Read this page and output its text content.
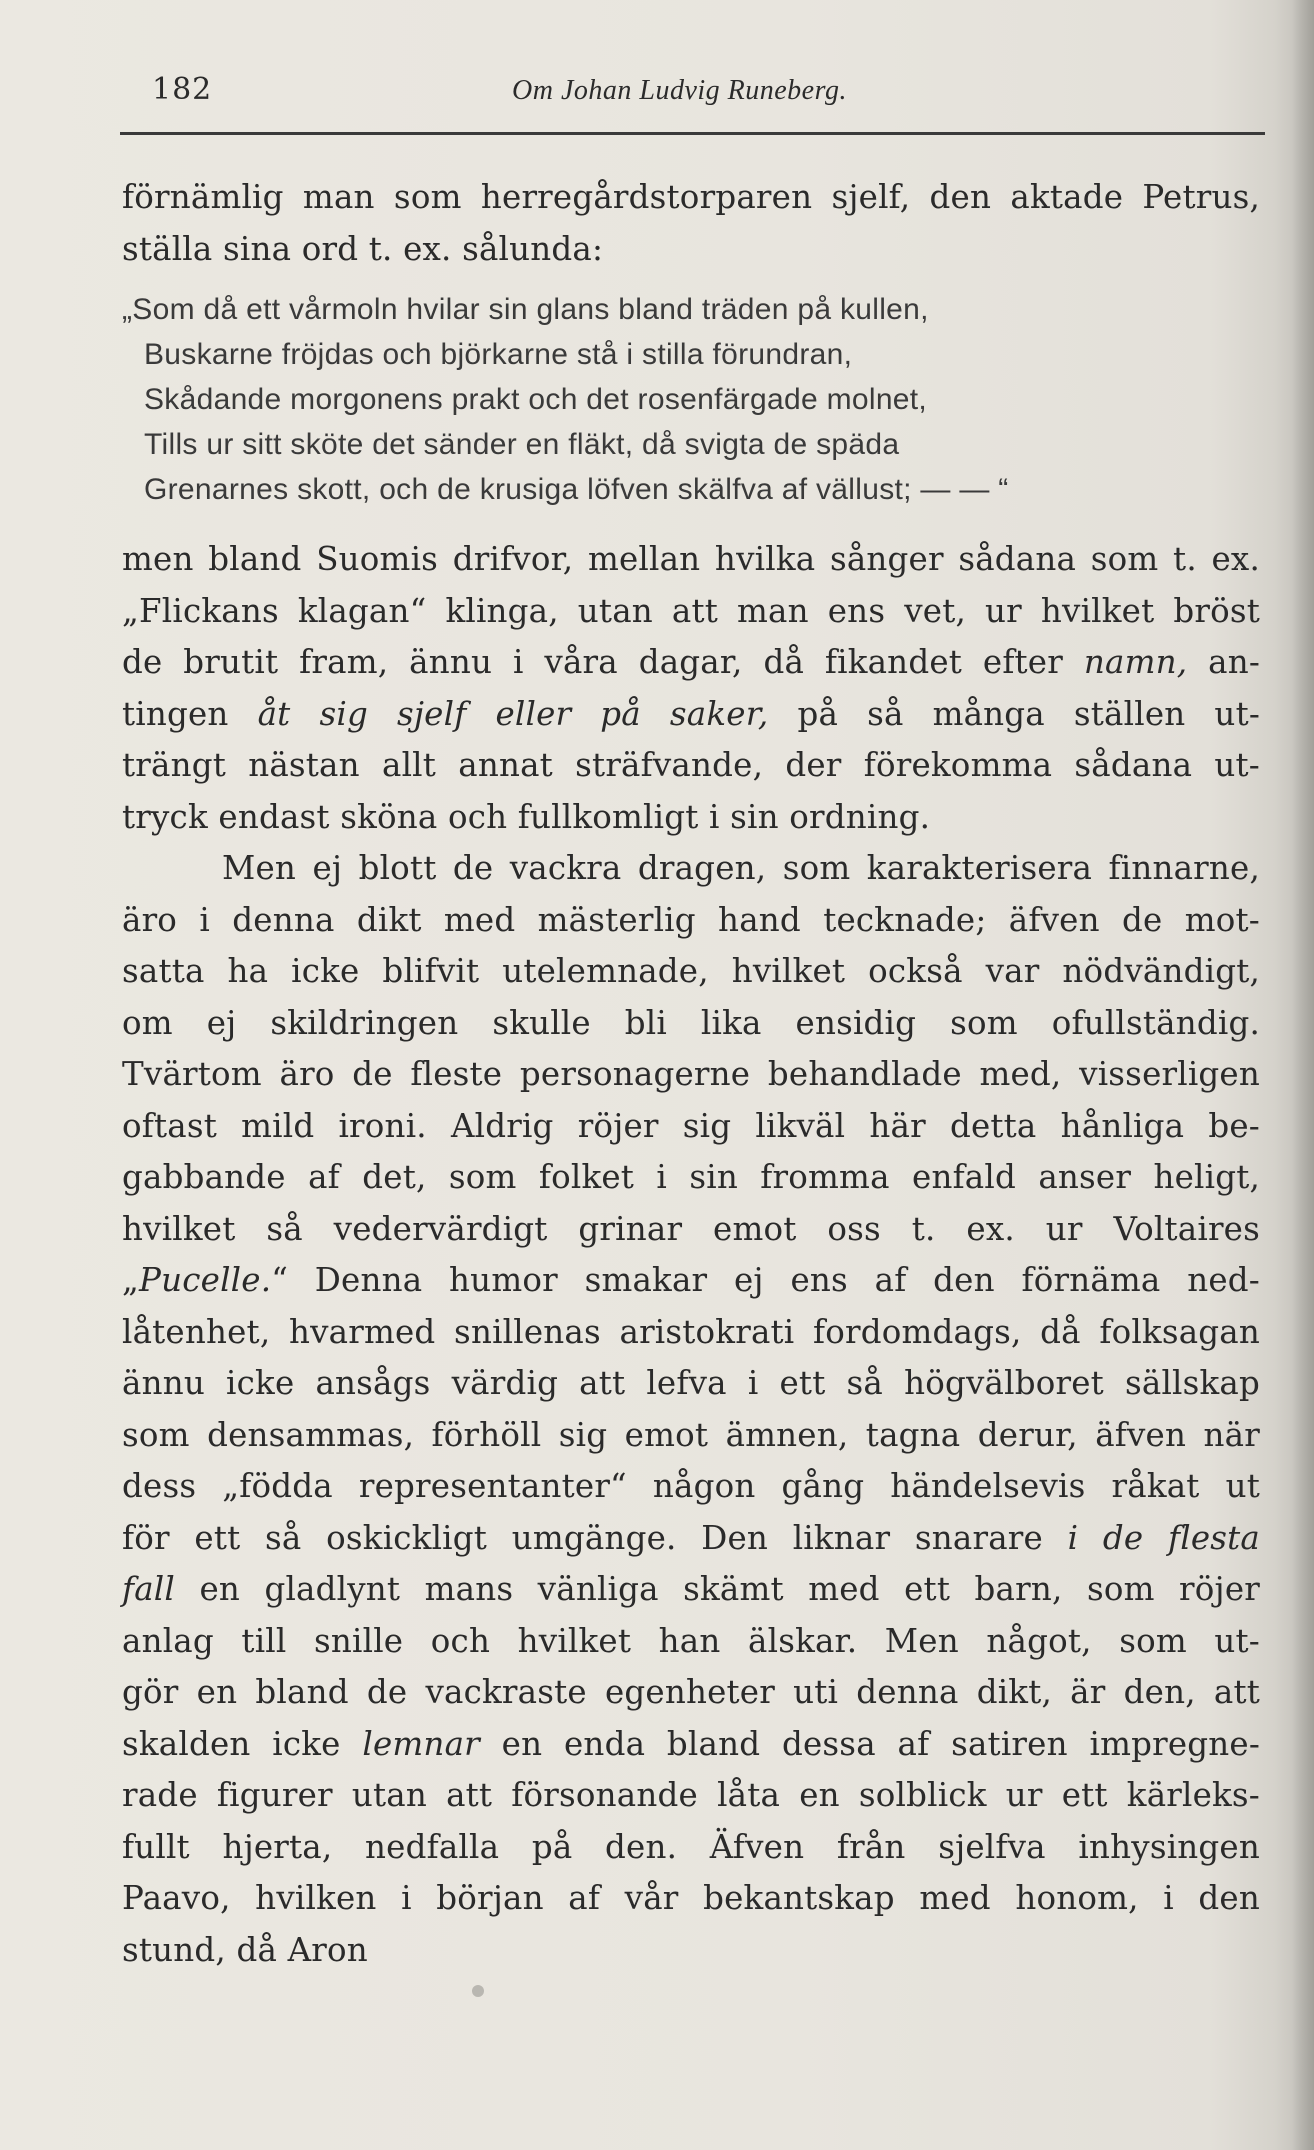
182	Om Johan Ludvig Runeberg.
förnämlig man som herregårdstorparen sjelf, den aktade Petrus,
ställa sina ord t. ex. sålunda:
„Som då ett vårmoln hvilar sin glans bland träden på kullen,
Buskarne fröjdas och björkarne stå i stilla förundran,
Skådande morgonens prakt och det rosenfärgade molnet,
Tills ur sitt sköte det sänder en fläkt, då svigta de späda
Grenarnes skott, och de krusiga löfven skälfva af vällust; — — “
men bland Suomis drifvor, mellan hvilka sånger sådana som t. ex.
„Flickans klagan“ klinga, utan att man ens vet, ur hvilket bröst
de brutit fram, ännu i våra dagar, då fikandet efter namn, an-
tingen åt sig sjelf eller på saker, på så många ställen ut-
trängt nästan allt annat sträfvande, der förekomma sådana ut-
tryck endast sköna och fullkomligt i sin ordning.
Men ej blott de vackra dragen, som karakterisera finnarne,
äro i denna dikt med mästerlig hand tecknade; äfven de mot-
satta ha icke blifvit utelemnade, hvilket också var nödvändigt,
om ej skildringen skulle bli lika ensidig som ofullständig.
Tvärtom äro de fleste personagerne behandlade med, visserligen
oftast mild ironi. Aldrig röjer sig likväl här detta hånliga be-
gabbande af det, som folket i sin fromma enfald anser heligt,
hvilket så vedervärdigt grinar emot oss t. ex. ur Voltaires
„Pucelle.“ Denna humor smakar ej ens af den förnäma ned-
låtenhet, hvarmed snillenas aristokrati fordomdags, då folksagan
ännu icke ansågs värdig att lefva i ett så högvälboret sällskap
som densammas, förhöll sig emot ämnen, tagna derur, äfven när
dess „födda representanter“ någon gång händelsevis råkat ut
för ett så oskickligt umgänge. Den liknar snarare i de flesta
fall en gladlynt mans vänliga skämt med ett barn, som röjer
anlag till snille och hvilket han älskar. Men något, som ut-
gör en bland de vackraste egenheter uti denna dikt, är den, att
skalden icke lemnar en enda bland dessa af satiren impregne-
rade figurer utan att försonande låta en solblick ur ett kärleks-
fullt hjerta, nedfalla på den. Äfven från sjelfva inhysingen
Paavo, hvilken i början af vår bekantskap med honom, i den
stund, då Aron
